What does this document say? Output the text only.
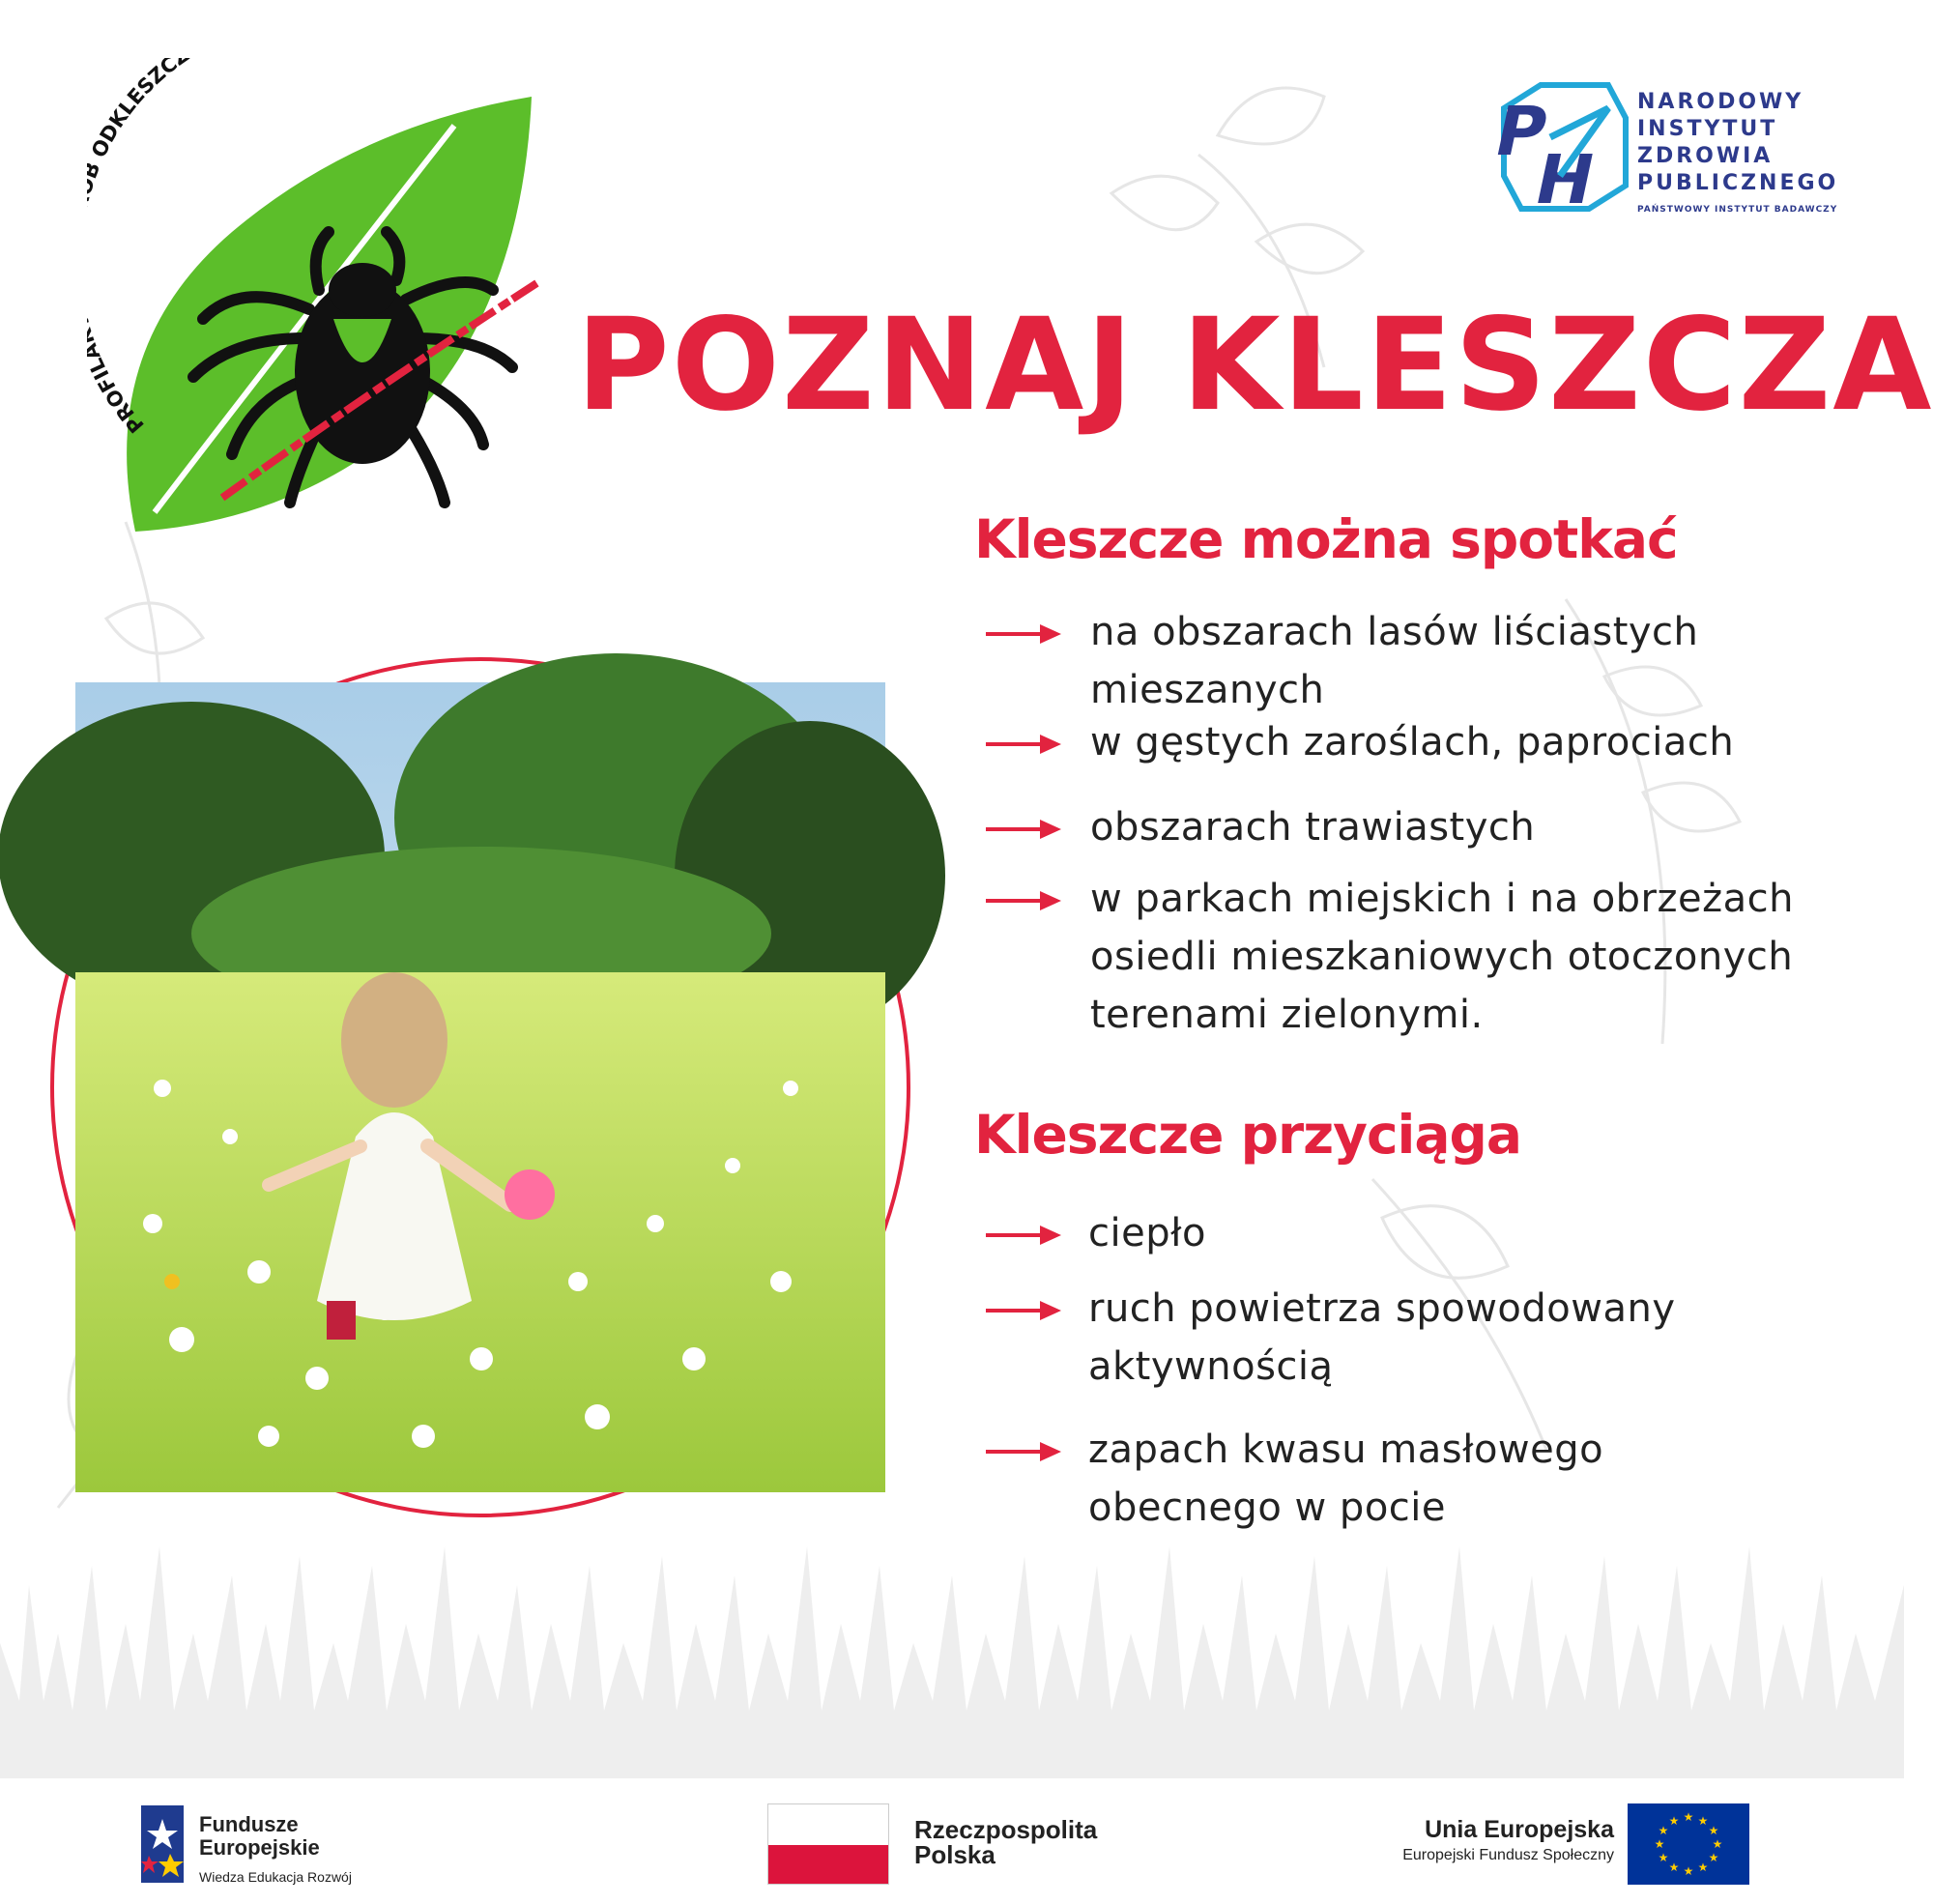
PROFI ODKLESZC
P
H
NARODOWY
INSTYTUT
ZDROWIA
PUBLICZNEGO
PAŃSTWOWY INSTYTUT BADAWCZY
POZNAJ KLESZCZA
Kleszcze można spotkać
na obszarach lasów liściastych mieszanych
w gęstych zaroślach, paprociach
obszarach trawiastych
w parkach miejskich i na obrzeżach osiedli mieszkaniowych otoczonych terenami zielonymi.
Kleszcze przyciąga
ciepło
ruch powietrza spowodowany aktywnością
zapach kwasu masłowego obecnego w pocie
Fundusze
Europejskie
Wiedza Edukacja Rozwój
Rzeczpospolita
Polska
Unia Europejska
Europejski Fundusz Społeczny
★ ★
★
★
★
★
★
★
★
★
★
★
